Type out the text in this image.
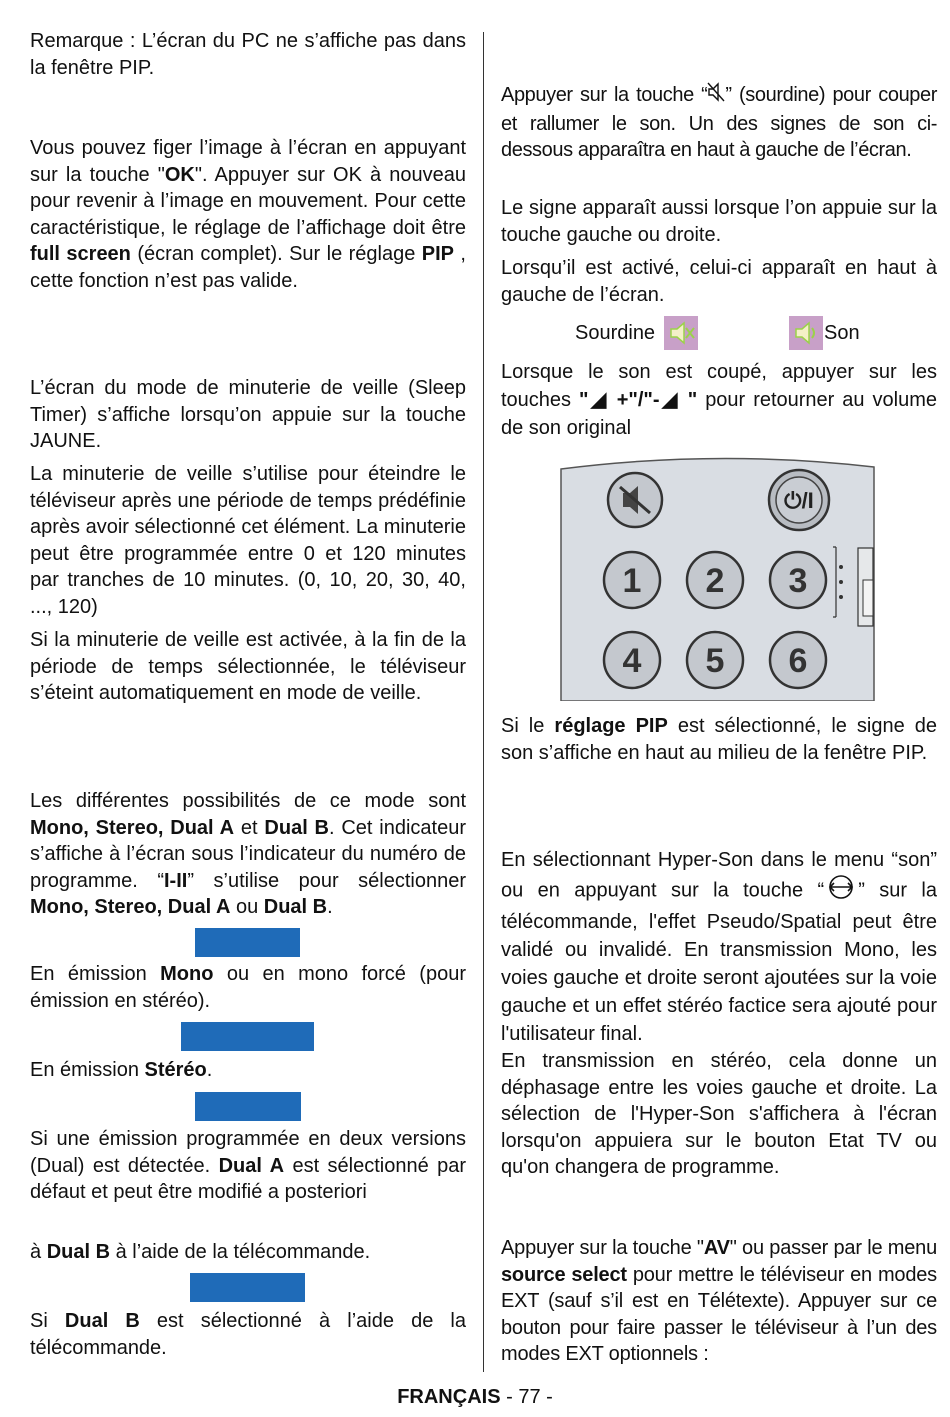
Remarque : L’écran du PC ne s’affiche pas dans la fenêtre PIP.

Vous pouvez figer l’image à l’écran en appuyant sur la touche "OK". Appuyer sur OK à nouveau pour revenir à l’image en mouvement. Pour cette caractéristique, le réglage de l’affichage doit être full screen (écran complet). Sur le réglage PIP , cette fonction n’est pas valide.

L’écran du mode de minuterie de veille (Sleep Timer) s’affiche lorsqu’on appuie sur la touche JAUNE.

La minuterie de veille s’utilise pour éteindre le téléviseur après une période de temps prédéfinie après avoir sélectionné cet élément. La minuterie peut être programmée entre 0 et 120 minutes par tranches de 10 minutes. (0, 10, 20, 30, 40, ..., 120)

Si la minuterie de veille est activée, à la fin de la période de temps sélectionnée, le téléviseur s’éteint automatiquement en mode de veille.

Les différentes possibilités de ce mode sont Mono, Stereo, Dual A et Dual B. Cet indicateur s’affiche à l’écran sous l’indicateur du numéro de programme. “I-II” s’utilise pour sélectionner Mono, Stereo, Dual A ou Dual B.

En émission Mono ou en mono forcé (pour émission en stéréo).

En émission Stéréo.

Si une émission programmée en deux versions (Dual) est détectée. Dual A est sélectionné par défaut et peut être modifié a posteriori

à Dual B à l’aide de la télécommande.

Si Dual B est sélectionné à l’aide de la télécommande.

Appuyer sur la touche “ ” (sourdine) pour couper et rallumer le son. Un des signes de son ci-dessous apparaîtra en haut à gauche de l’écran.

Le signe apparaît aussi lorsque l’on appuie sur la touche gauche ou droite.

Lorsqu’il est activé, celui-ci apparaît en haut à gauche de l’écran.

Sourdine	Son

Lorsque le son est coupé, appuyer sur les touches "◢ +"/"-◢ " pour retourner au volume de son original

⏻/I
1 2 3
4 5 6

Si le réglage PIP est sélectionné, le signe de son s’affiche en haut au milieu de la fenêtre PIP.

En sélectionnant Hyper-Son dans le menu “son” ou en appuyant sur la touche “ ” sur la télécommande, l'effet Pseudo/Spatial peut être validé ou invalidé. En transmission Mono, les voies gauche et droite seront ajoutées sur la voie gauche et un effet stéréo factice sera ajouté pour l'utilisateur final.

En transmission en stéréo, cela donne un déphasage entre les voies gauche et droite. La sélection de l'Hyper-Son s'affichera à l'écran lorsqu'on appuiera sur le bouton Etat TV ou qu'on changera de programme.

Appuyer sur la touche "AV" ou passer par le menu source select pour mettre le téléviseur en modes EXT (sauf s’il est en Télétexte). Appuyer sur ce bouton pour faire passer le téléviseur à l’un des modes EXT optionnels :

FRANÇAIS - 77 -
